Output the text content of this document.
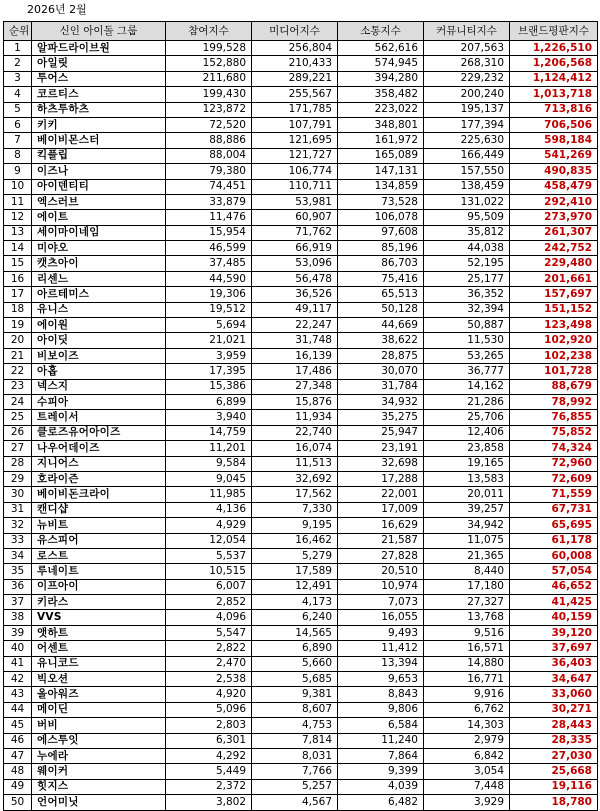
2026년 2월
순위	신인 아이돌 그룹	참여지수	미디어지수	소통지수	커뮤니티지수	브랜드평판지수
1	알파드라이브원	199,528	256,804	562,616	207,563	1,226,510
2	아일릿	152,880	210,433	574,945	268,310	1,206,568
3	투어스	211,680	289,221	394,280	229,232	1,124,412
4	코르티스	199,430	255,567	358,482	200,240	1,013,718
5	하츠투하츠	123,872	171,785	223,022	195,137	713,816
6	키키	72,520	107,791	348,801	177,394	706,506
7	베이비몬스터	88,886	121,695	161,972	225,630	598,184
8	킥플립	88,004	121,727	165,089	166,449	541,269
9	이즈나	79,380	106,774	147,131	157,550	490,835
10	아이덴티티	74,451	110,711	134,859	138,459	458,479
11	엑스러브	33,879	53,981	73,528	131,022	292,410
12	에이트	11,476	60,907	106,078	95,509	273,970
13	세이마이네임	15,954	71,762	97,608	35,812	261,307
14	미야오	46,599	66,919	85,196	44,038	242,752
15	캣츠아이	37,485	53,096	86,703	52,195	229,480
16	리센느	44,590	56,478	75,416	25,177	201,661
17	아르테미스	19,306	36,526	65,513	36,352	157,697
18	유니스	19,512	49,117	50,128	32,394	151,152
19	에이원	5,694	22,247	44,669	50,887	123,498
20	아이딧	21,021	31,748	38,622	11,530	102,920
21	비보이즈	3,959	16,139	28,875	53,265	102,238
22	아홉	17,395	17,486	30,070	36,777	101,728
23	넥스지	15,386	27,348	31,784	14,162	88,679
24	수피아	6,899	15,876	34,932	21,286	78,992
25	트레이서	3,940	11,934	35,275	25,706	76,855
26	클로즈유어아이즈	14,759	22,740	25,947	12,406	75,852
27	나우어데이즈	11,201	16,074	23,191	23,858	74,324
28	지니어스	9,584	11,513	32,698	19,165	72,960
29	호라이즌	9,045	32,692	17,288	13,583	72,609
30	베이비돈크라이	11,985	17,562	22,001	20,011	71,559
31	캔디샵	4,136	7,330	17,009	39,257	67,731
32	뉴비트	4,929	9,195	16,629	34,942	65,695
33	유스피어	12,054	16,462	21,587	11,075	61,178
34	로스트	5,537	5,279	27,828	21,365	60,008
35	루네이트	10,515	17,589	20,510	8,440	57,054
36	이프아이	6,007	12,491	10,974	17,180	46,652
37	키라스	2,852	4,173	7,073	27,327	41,425
38	VVS	4,096	6,240	16,055	13,768	40,159
39	앳하트	5,547	14,565	9,493	9,516	39,120
40	어센트	2,822	6,890	11,412	16,571	37,697
41	유니코드	2,470	5,660	13,394	14,880	36,403
42	빅오션	2,538	5,685	9,653	16,771	34,647
43	올아워즈	4,920	9,381	8,843	9,916	33,060
44	메이딘	5,096	8,607	9,806	6,762	30,271
45	버비	2,803	4,753	6,584	14,303	28,443
46	에스투잇	6,301	7,814	11,240	2,979	28,335
47	누에라	4,292	8,031	7,864	6,842	27,030
48	웨이커	5,449	7,766	9,399	3,054	25,668
49	힛지스	2,372	5,257	4,039	7,448	19,116
50	언어미닛	3,802	4,567	6,482	3,929	18,780
